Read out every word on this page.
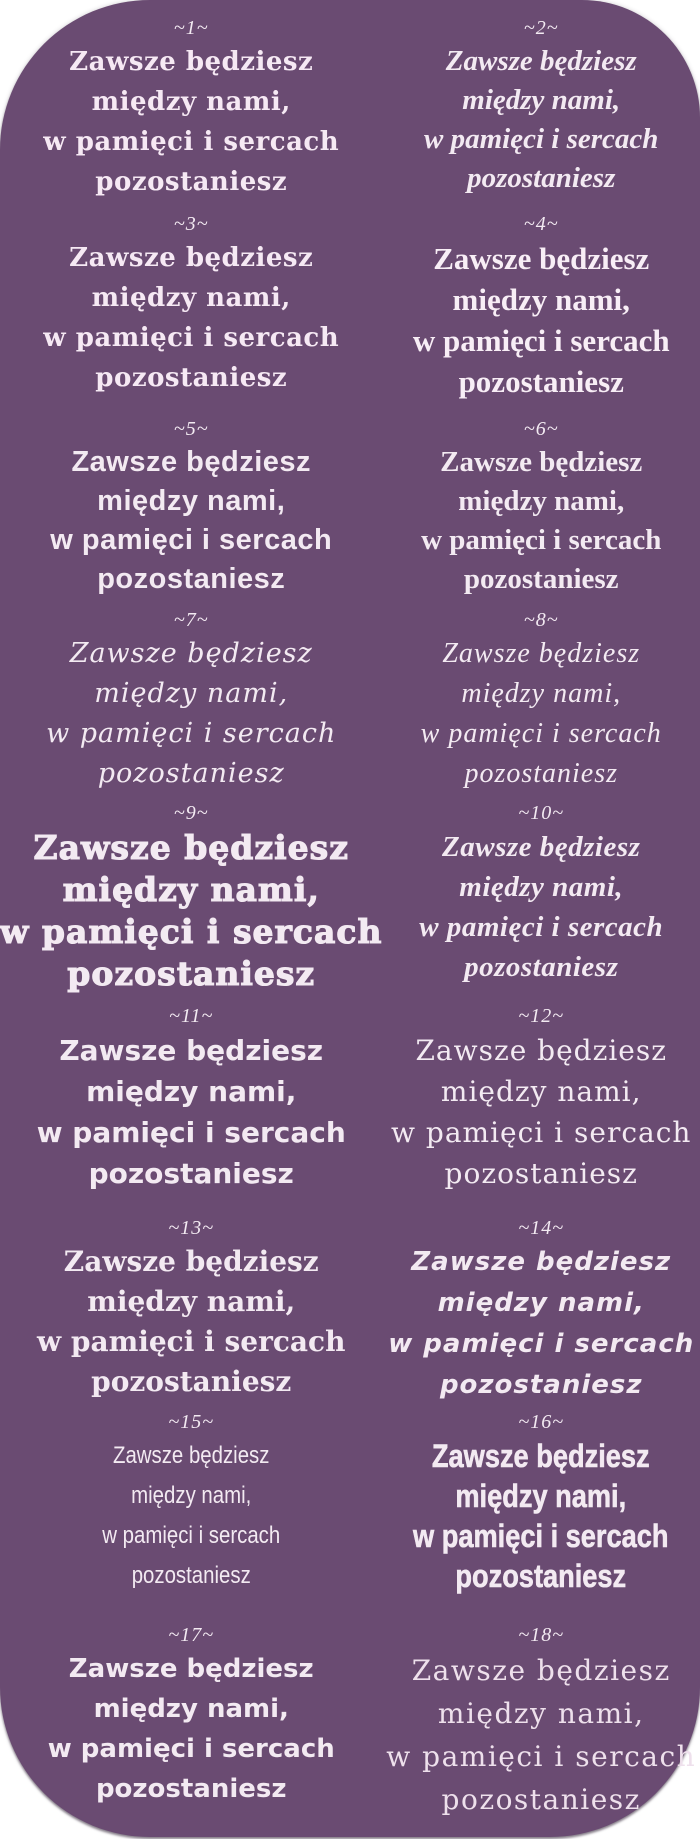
~1~
Zawsze będziesz
między nami,
w pamięci i sercach
pozostaniesz
~2~
Zawsze będziesz
między nami,
w pamięci i sercach
pozostaniesz
~3~
Zawsze będziesz
między nami,
w pamięci i sercach
pozostaniesz
~4~
Zawsze będziesz
między nami,
w pamięci i sercach
pozostaniesz
~5~
Zawsze będziesz
między nami,
w pamięci i sercach
pozostaniesz
~6~
Zawsze będziesz
między nami,
w pamięci i sercach
pozostaniesz
~7~
Zawsze będziesz
między nami,
w pamięci i sercach
pozostaniesz
~8~
Zawsze będziesz
między nami,
w pamięci i sercach
pozostaniesz
~9~
Zawsze będziesz
między nami,
w pamięci i sercach
pozostaniesz
~10~
Zawsze będziesz
między nami,
w pamięci i sercach
pozostaniesz
~11~
Zawsze będziesz
między nami,
w pamięci i sercach
pozostaniesz
~12~
Zawsze będziesz
między nami,
w pamięci i sercach
pozostaniesz
~13~
Zawsze będziesz
między nami,
w pamięci i sercach
pozostaniesz
~14~
Zawsze będziesz
między nami,
w pamięci i sercach
pozostaniesz
~15~
Zawsze będziesz
między nami,
w pamięci i sercach
pozostaniesz
~16~
Zawsze będziesz
między nami,
w pamięci i sercach
pozostaniesz
~17~
Zawsze będziesz
między nami,
w pamięci i sercach
pozostaniesz
~18~
Zawsze będziesz
między nami,
w pamięci i sercach
pozostaniesz
